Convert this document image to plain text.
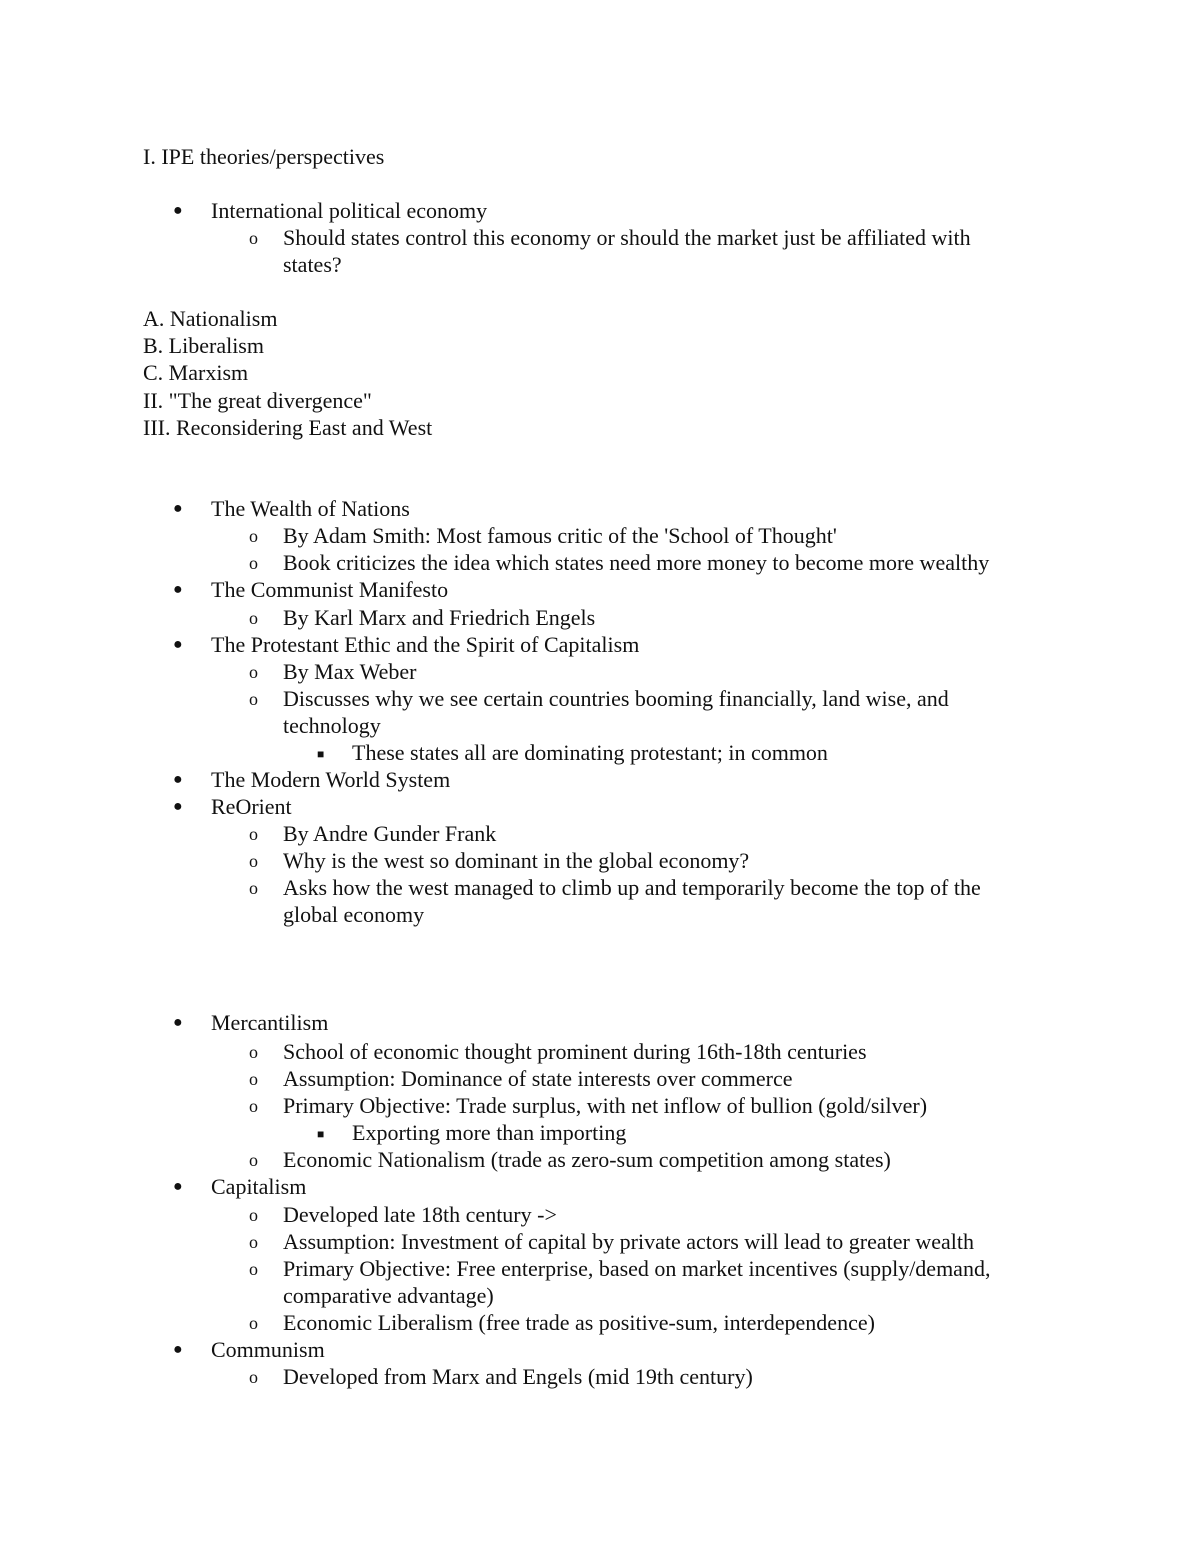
I. IPE theories/perspectives
● International political economy
o Should states control this economy or should the market just be affiliated with
states?
A. Nationalism
B. Liberalism
C. Marxism
II. "The great divergence"
III. Reconsidering East and West
● The Wealth of Nations
o By Adam Smith: Most famous critic of the 'School of Thought'
o Book criticizes the idea which states need more money to become more wealthy
● The Communist Manifesto
o By Karl Marx and Friedrich Engels
● The Protestant Ethic and the Spirit of Capitalism
o By Max Weber
o Discusses why we see certain countries booming financially, land wise, and
technology
■ These states all are dominating protestant; in common
● The Modern World System
● ReOrient
o By Andre Gunder Frank
o Why is the west so dominant in the global economy?
o Asks how the west managed to climb up and temporarily become the top of the
global economy
● Mercantilism
o School of economic thought prominent during 16th-18th centuries
o Assumption: Dominance of state interests over commerce
o Primary Objective: Trade surplus, with net inflow of bullion (gold/silver)
■ Exporting more than importing
o Economic Nationalism (trade as zero-sum competition among states)
● Capitalism
o Developed late 18th century ->
o Assumption: Investment of capital by private actors will lead to greater wealth
o Primary Objective: Free enterprise, based on market incentives (supply/demand,
comparative advantage)
o Economic Liberalism (free trade as positive-sum, interdependence)
● Communism
o Developed from Marx and Engels (mid 19th century)
